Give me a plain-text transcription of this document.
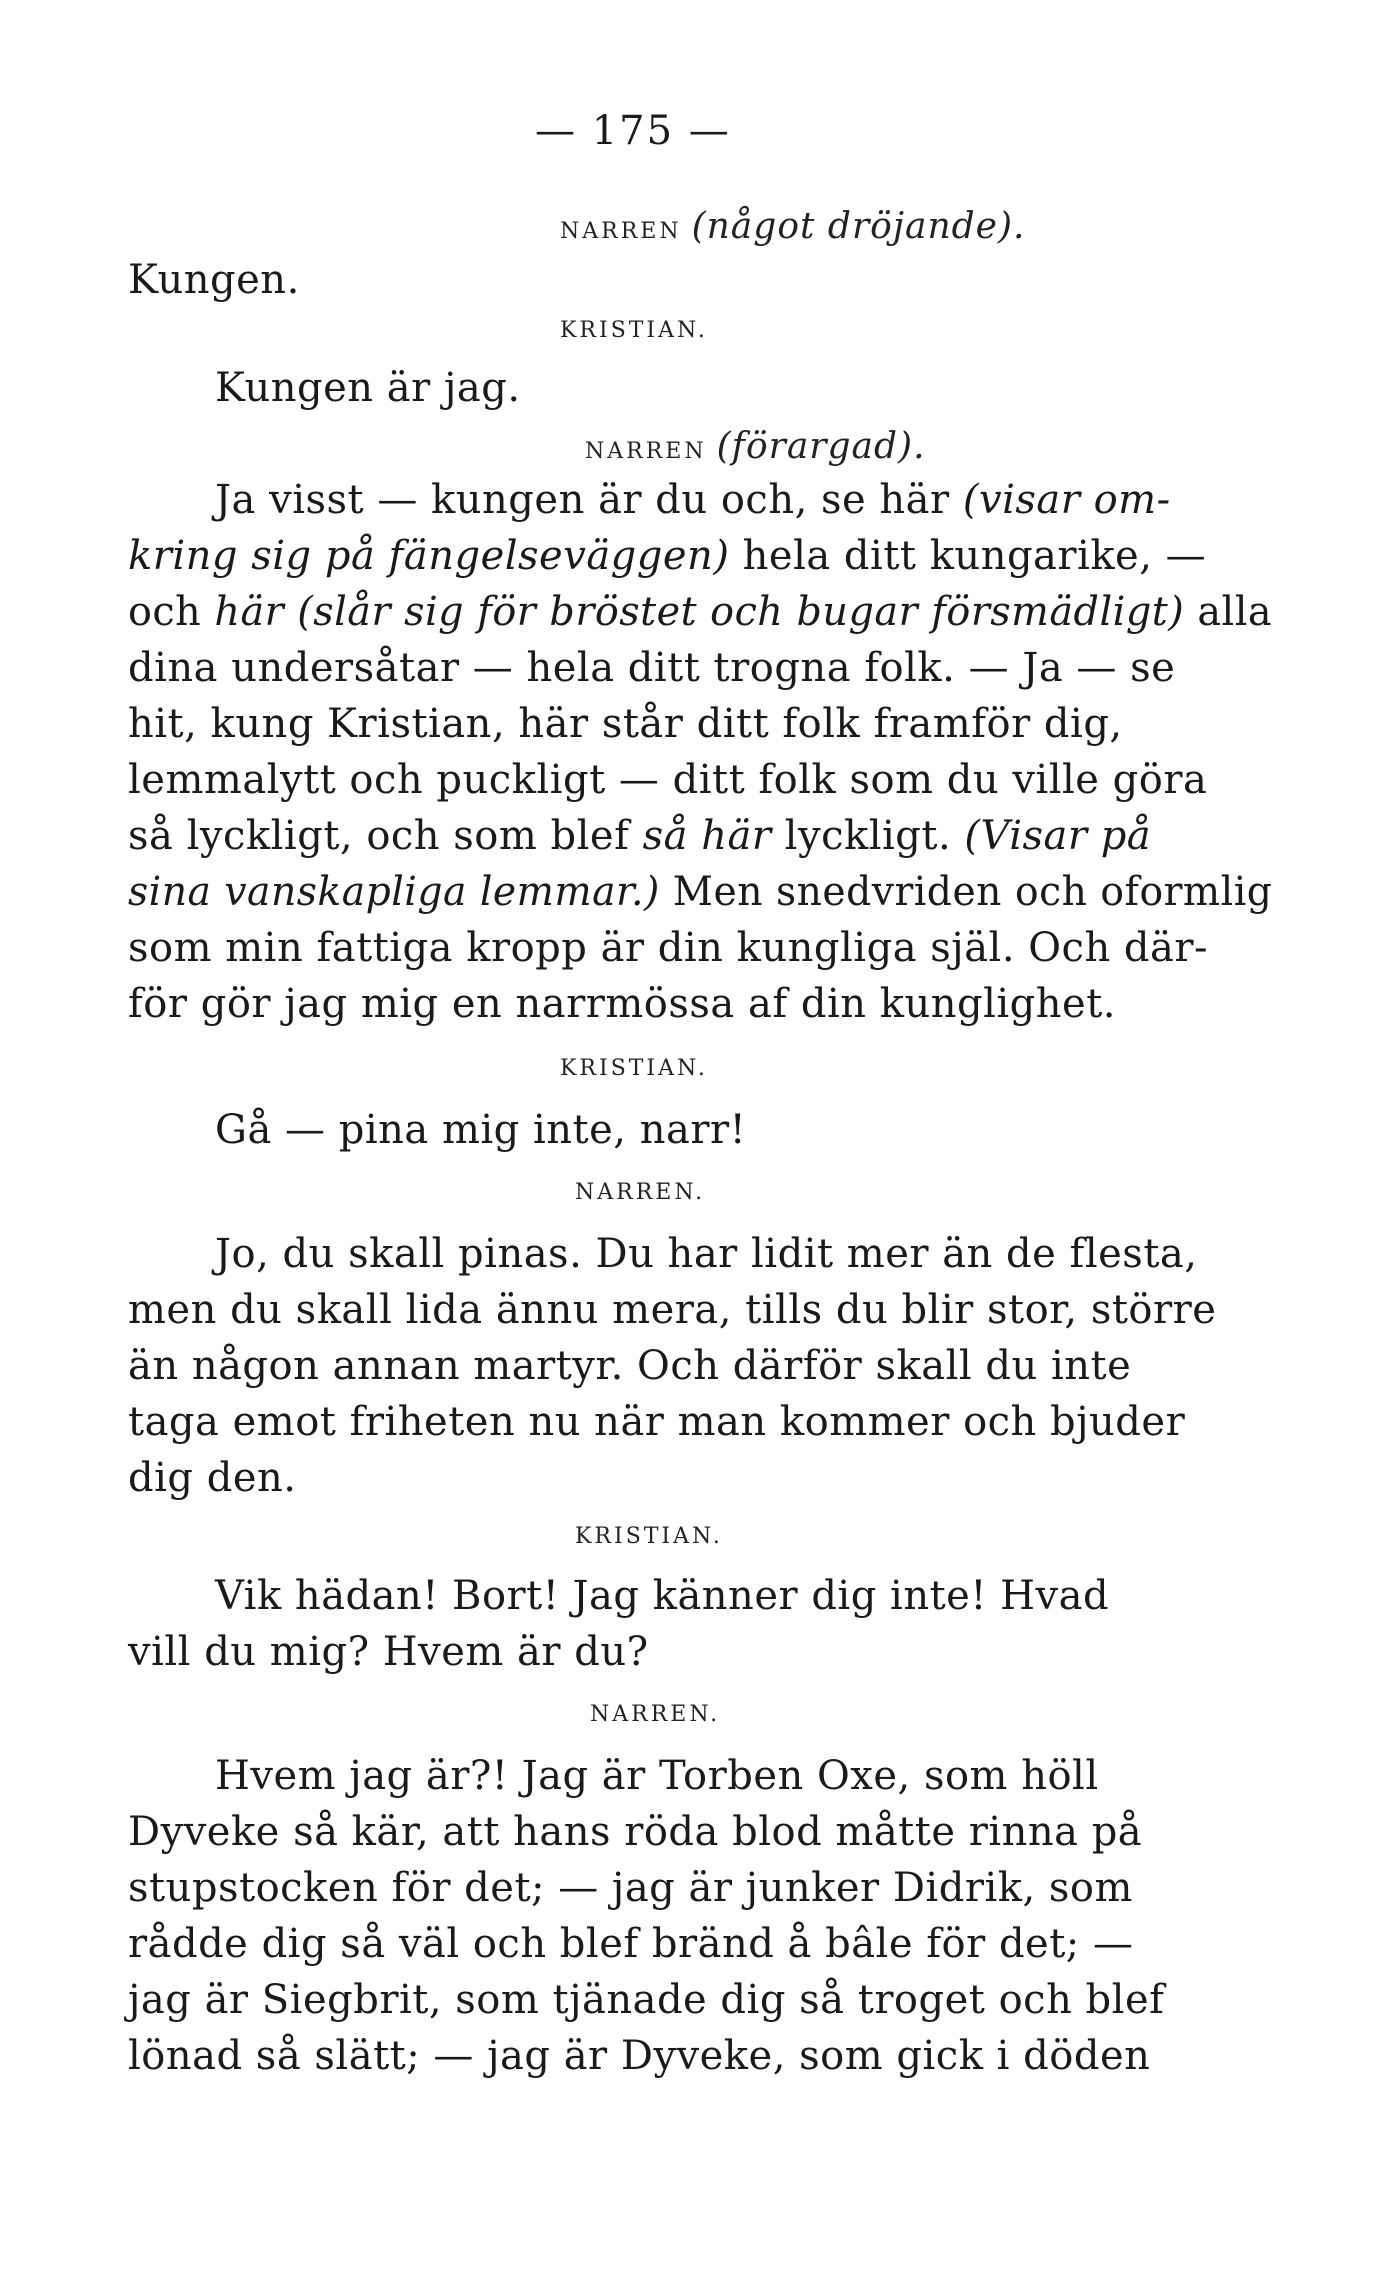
— 175 —
NARREN (något dröjande).
Kungen.
KRISTIAN.
Kungen är jag.
NARREN (förargad).
Ja visst — kungen är du och, se här (visar om-
kring sig på fängelseväggen) hela ditt kungarike, —
och här (slår sig för bröstet och bugar försmädligt) alla
dina undersåtar — hela ditt trogna folk. — Ja — se
hit, kung Kristian, här står ditt folk framför dig,
lemmalytt och puckligt — ditt folk som du ville göra
så lyckligt, och som blef så här lyckligt. (Visar på
sina vanskapliga lemmar.) Men snedvriden och oformlig
som min fattiga kropp är din kungliga själ. Och där-
för gör jag mig en narrmössa af din kunglighet.
KRISTIAN.
Gå — pina mig inte, narr!
NARREN.
Jo, du skall pinas. Du har lidit mer än de flesta,
men du skall lida ännu mera, tills du blir stor, större
än någon annan martyr. Och därför skall du inte
taga emot friheten nu när man kommer och bjuder
dig den.
KRISTIAN.
Vik hädan! Bort! Jag känner dig inte! Hvad
vill du mig? Hvem är du?
NARREN.
Hvem jag är?! Jag är Torben Oxe, som höll
Dyveke så kär, att hans röda blod måtte rinna på
stupstocken för det; — jag är junker Didrik, som
rådde dig så väl och blef bränd å bâle för det; —
jag är Siegbrit, som tjänade dig så troget och blef
lönad så slätt; — jag är Dyveke, som gick i döden
